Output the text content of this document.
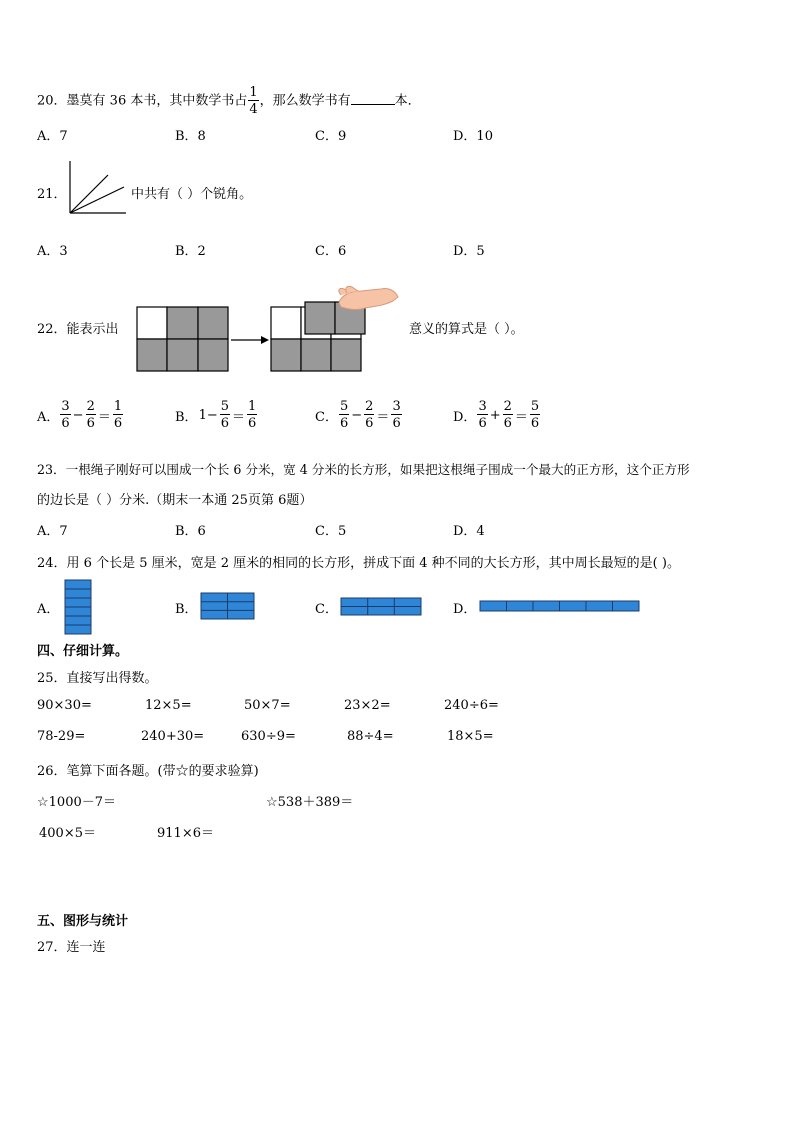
20．墨莫有 36 本书，其中数学书占 $\frac{1}{4}$ ，那么数学书有	本．
A．7	B．8	C．9	D．10
21．	中共有（ ）个锐角。
A．3	B．2	C．6	D．5
22．能表示出	意义的算式是（ ）。
A． $\frac{3}{6} - \frac{2}{6} = \frac{1}{6}$	B． $1- \frac{5}{6} = \frac{1}{6}$	C． $\frac{5}{6} - \frac{2}{6} = \frac{3}{6}$	D． $\frac{3}{6} + \frac{2}{6} = \frac{5}{6}$
23．一根绳子刚好可以围成一个长 6 分米，宽 4 分米的长方形，如果把这根绳子围成一个最大的正方形，这个正方形
的边长是（ ）分米.（期末一本通 25页第 6题）
A．7	B．6	C．5	D．4
24．用 6 个长是 5 厘米，宽是 2 厘米的相同的长方形，拼成下面 4 种不同的大长方形，其中周长最短的是( )。
A．	B．	C．	D．
四、仔细计算。
25．直接写出得数。
90×30=	12×5=	50×7=	23×2=	240÷6=
78-29=	240+30=	630÷9=	88÷4=	18×5=
26．笔算下面各题。(带☆的要求验算)
☆1000－7＝	☆538＋389＝
400×5＝	911×6＝
五、图形与统计
27．连一连
